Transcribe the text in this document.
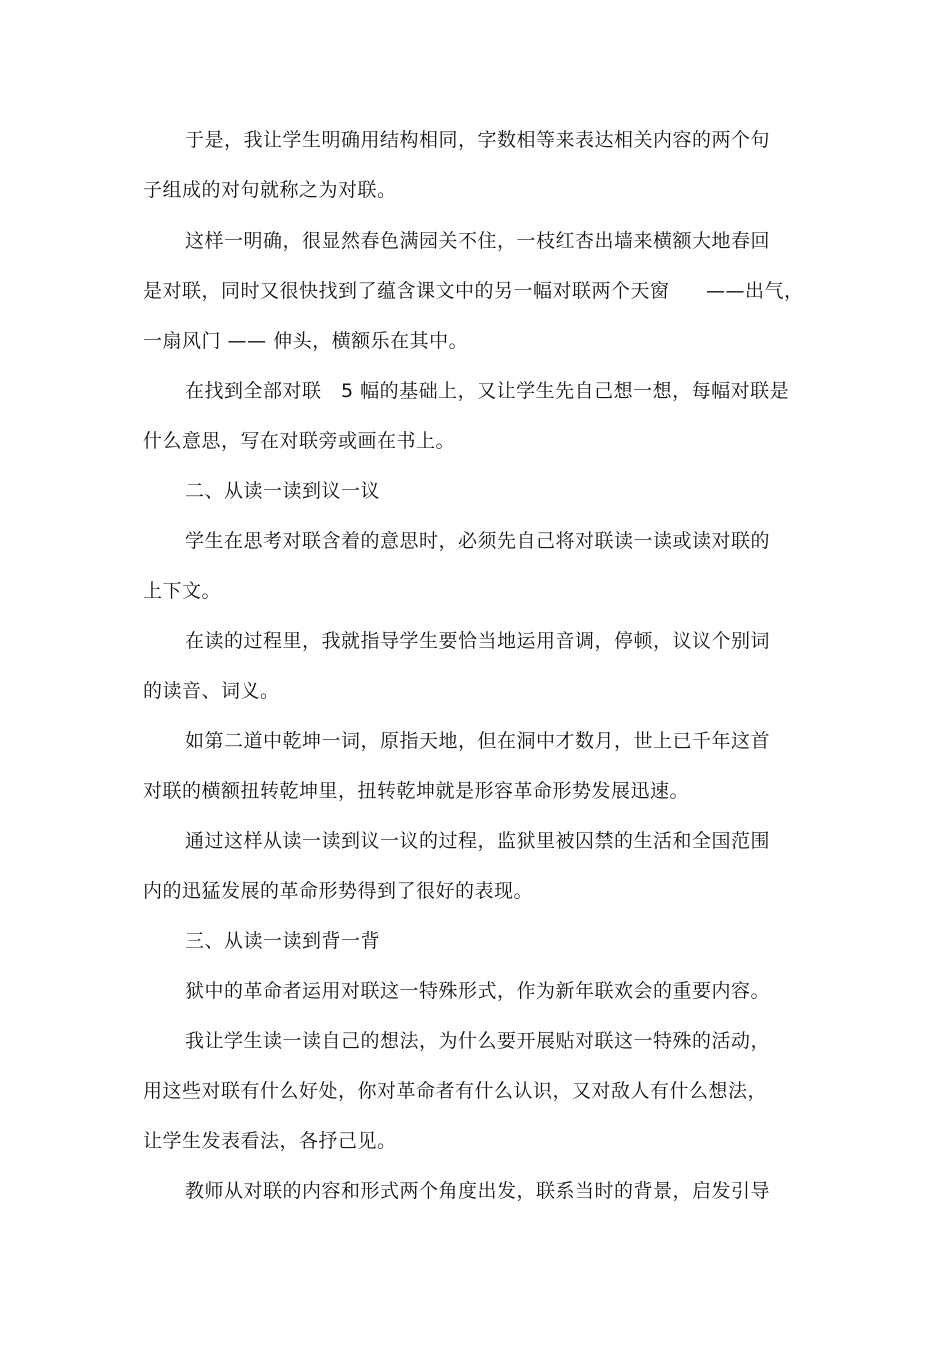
于是，我让学生明确用结构相同，字数相等来表达相关内容的两个句
子组成的对句就称之为对联。
这样一明确，很显然春色满园关不住，一枝红杏出墙来横额大地春回
是对联，同时又很快找到了蕴含课文中的另一幅对联两个天窗 ——出气，
一扇风门 —— 伸头，横额乐在其中。
在找到全部对联　5 幅的基础上，又让学生先自己想一想，每幅对联是
什么意思，写在对联旁或画在书上。
二、从读一读到议一议
学生在思考对联含着的意思时，必须先自己将对联读一读或读对联的
上下文。
在读的过程里，我就指导学生要恰当地运用音调，停顿，议议个别词
的读音、词义。
如第二道中乾坤一词，原指天地，但在洞中才数月，世上已千年这首
对联的横额扭转乾坤里，扭转乾坤就是形容革命形势发展迅速。
通过这样从读一读到议一议的过程，监狱里被囚禁的生活和全国范围
内的迅猛发展的革命形势得到了很好的表现。
三、从读一读到背一背
狱中的革命者运用对联这一特殊形式，作为新年联欢会的重要内容。
我让学生读一读自己的想法，为什么要开展贴对联这一特殊的活动，
用这些对联有什么好处，你对革命者有什么认识，又对敌人有什么想法，
让学生发表看法，各抒己见。
教师从对联的内容和形式两个角度出发，联系当时的背景，启发引导
